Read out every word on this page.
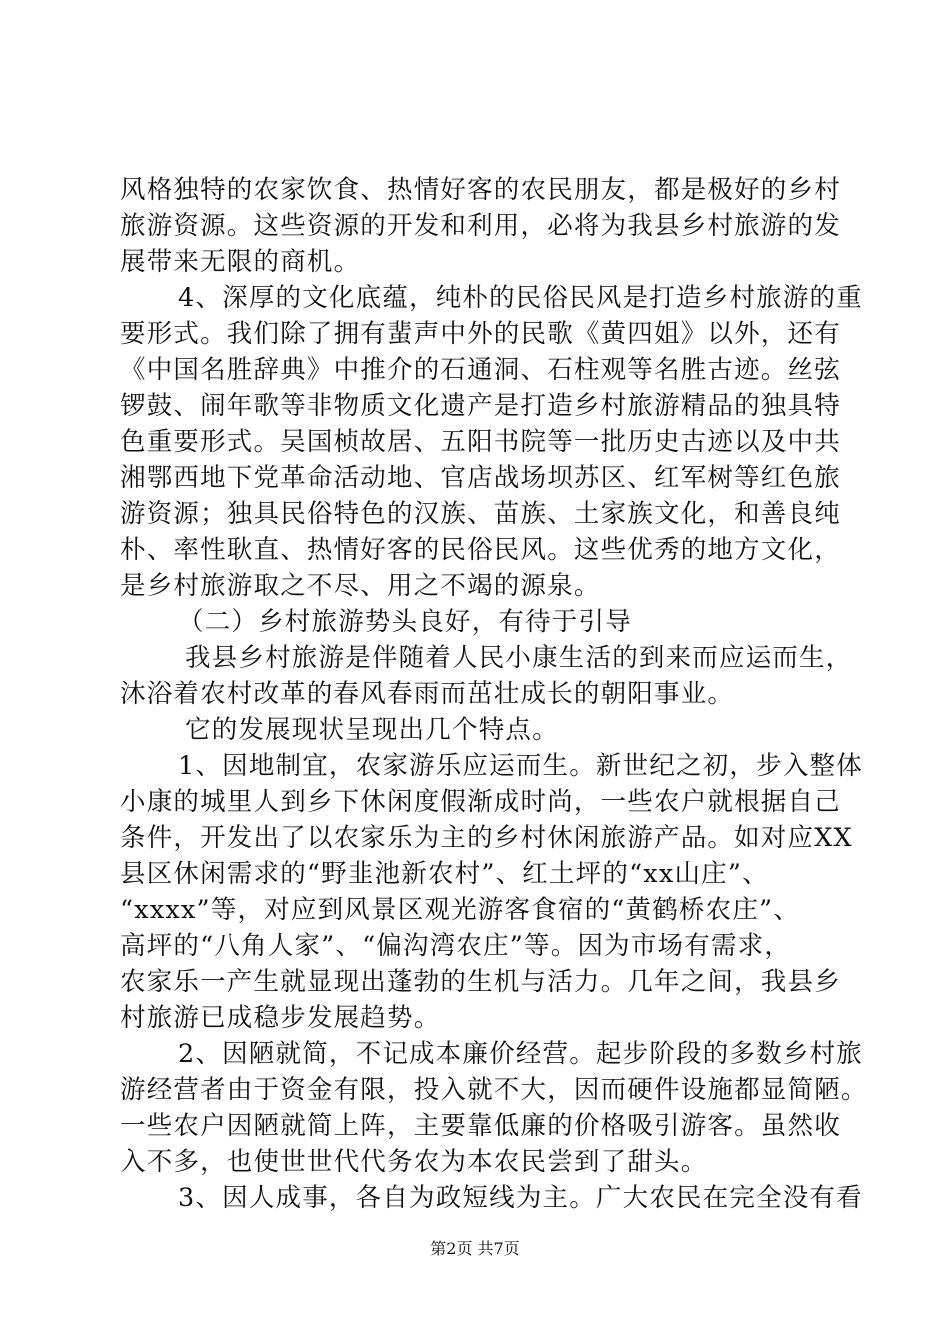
风格独特的农家饮食、热情好客的农民朋友，都是极好的乡村
旅游资源。这些资源的开发和利用，必将为我县乡村旅游的发
展带来无限的商机。
4、深厚的文化底蕴，纯朴的民俗民风是打造乡村旅游的重
要形式。我们除了拥有蜚声中外的民歌《黄四姐》以外，还有
《中国名胜辞典》中推介的石通洞、石柱观等名胜古迹。丝弦
锣鼓、闹年歌等非物质文化遗产是打造乡村旅游精品的独具特
色重要形式。吴国桢故居、五阳书院等一批历史古迹以及中共
湘鄂西地下党革命活动地、官店战场坝苏区、红军树等红色旅
游资源；独具民俗特色的汉族、苗族、土家族文化，和善良纯
朴、率性耿直、热情好客的民俗民风。这些优秀的地方文化，
是乡村旅游取之不尽、用之不竭的源泉。
（二）乡村旅游势头良好，有待于引导
我县乡村旅游是伴随着人民小康生活的到来而应运而生，
沐浴着农村改革的春风春雨而茁壮成长的朝阳事业。
它的发展现状呈现出几个特点。
1、因地制宜，农家游乐应运而生。新世纪之初，步入整体
小康的城里人到乡下休闲度假渐成时尚，一些农户就根据自己
条件，开发出了以农家乐为主的乡村休闲旅游产品。如对应XX
县区休闲需求的“野韭池新农村”、红土坪的“xx山庄”、
“xxxx”等，对应到风景区观光游客食宿的“黄鹤桥农庄”、
高坪的“八角人家”、“偏沟湾农庄”等。因为市场有需求，
农家乐一产生就显现出蓬勃的生机与活力。几年之间，我县乡
村旅游已成稳步发展趋势。
2、因陋就简，不记成本廉价经营。起步阶段的多数乡村旅
游经营者由于资金有限，投入就不大，因而硬件设施都显简陋。
一些农户因陋就简上阵，主要靠低廉的价格吸引游客。虽然收
入不多，也使世世代代务农为本农民尝到了甜头。
3、因人成事，各自为政短线为主。广大农民在完全没有看
第2页 共7页
